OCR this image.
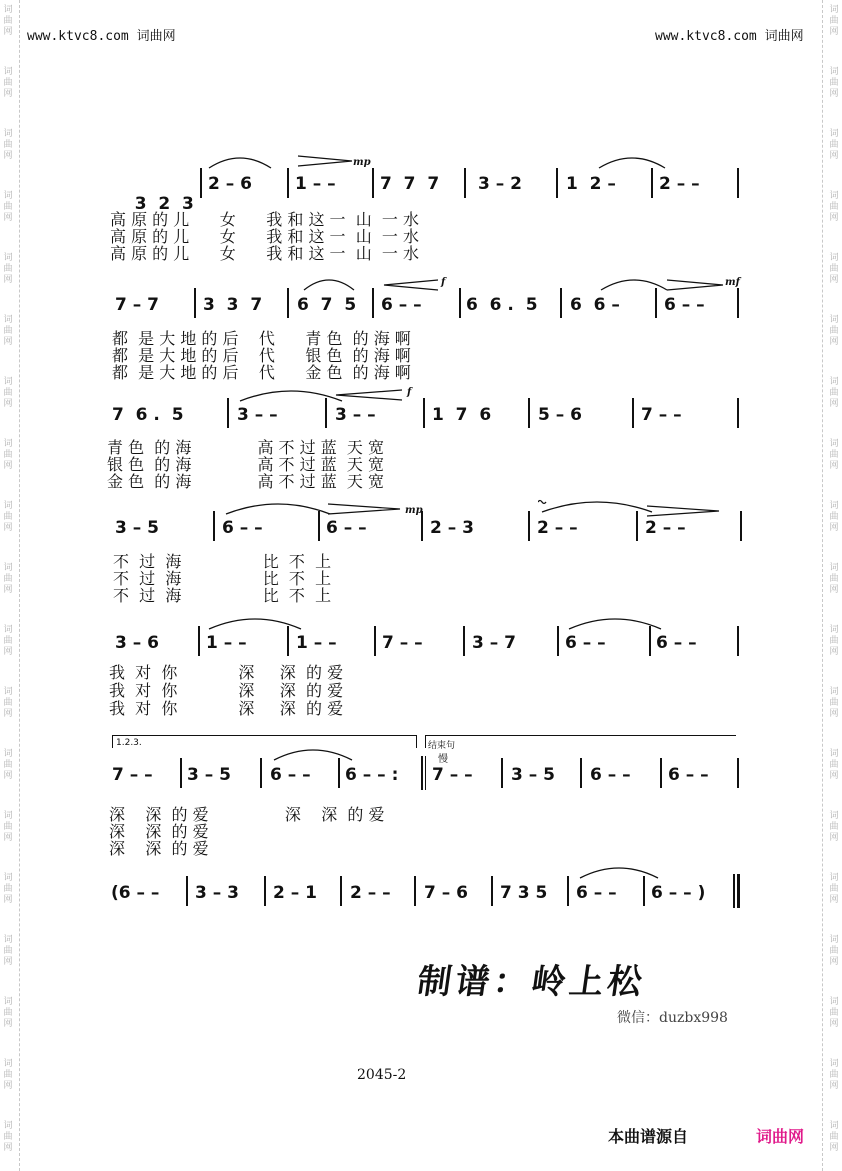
词
曲
网
词
曲
网
词
曲
网
词
曲
网
词
曲
网
词
曲
网
词
曲
网
词
曲
网
词
曲
网
词
曲
网
词
曲
网
词
曲
网
词
曲
网
词
曲
网
词
曲
网
词
曲
网
词
曲
网
词
曲
网
词
曲
网
词
曲
网
词
曲
网
词
曲
网
词
曲
网
词
曲
网
词
曲
网
词
曲
网
词
曲
网
词
曲
网
词
曲
网
词
曲
网
词
曲
网
词
曲
网
词
曲
网
词
曲
网
词
曲
网
词
曲
网
词
曲
网
词
曲
网
www.ktvc8.com 词曲网	www.ktvc8.com 词曲网

3  2  3

2 – 6	1 – –	7  7  7 3 – 2	1  2 –	2 – –
mp
高 原 的 儿      女      我 和 这 一  山  一 水
高 原 的 儿      女      我 和 这 一  山  一 水
高 原 的 儿      女      我 和 这 一  山  一 水
7 – 7	3  3  7 6  7  5 6 – –	6  6 .  5 6  6 –	6 – –
f	mf
都  是 大 地 的 后    代      青 色  的 海 啊
都  是 大 地 的 后    代      银 色  的 海 啊
都  是 大 地 的 后    代      金 色  的 海 啊
7  6 .  5	3 – –	3 – –	1  7  6	5 – 6	7 – –
f
青 色  的 海             高 不 过 蓝  天 宽
银 色  的 海             高 不 过 蓝  天 宽
金 色  的 海             高 不 过 蓝  天 宽
3 – 5	6 – –	6 – –	2 – 3	2 – –	2 – –
mp
不  过  海                比  不  上
不  过  海                比  不  上
不  过  海                比  不  上
3 – 6	1 – –	1 – –	7 – –	3 – 7	6 – –	6 – –
我  对  你            深     深  的 爱
我  对  你            深     深  的 爱
我  对  你            深     深  的 爱
1.2.3.	结束句
慢
7 – – 3 – 5 6 – – 6 – – : 7 – – 3 – 5 6 – – 6 – –
深    深  的 爱               深    深  的 爱
深    深  的 爱
深    深  的 爱
(6 – – 3 – 3 2 – 1 2 – – 7 – 6 7 3 5 6 – – 6 – – )
制谱：岭上松
微信：duzbx998
2045-2
本曲谱源自	词曲网
